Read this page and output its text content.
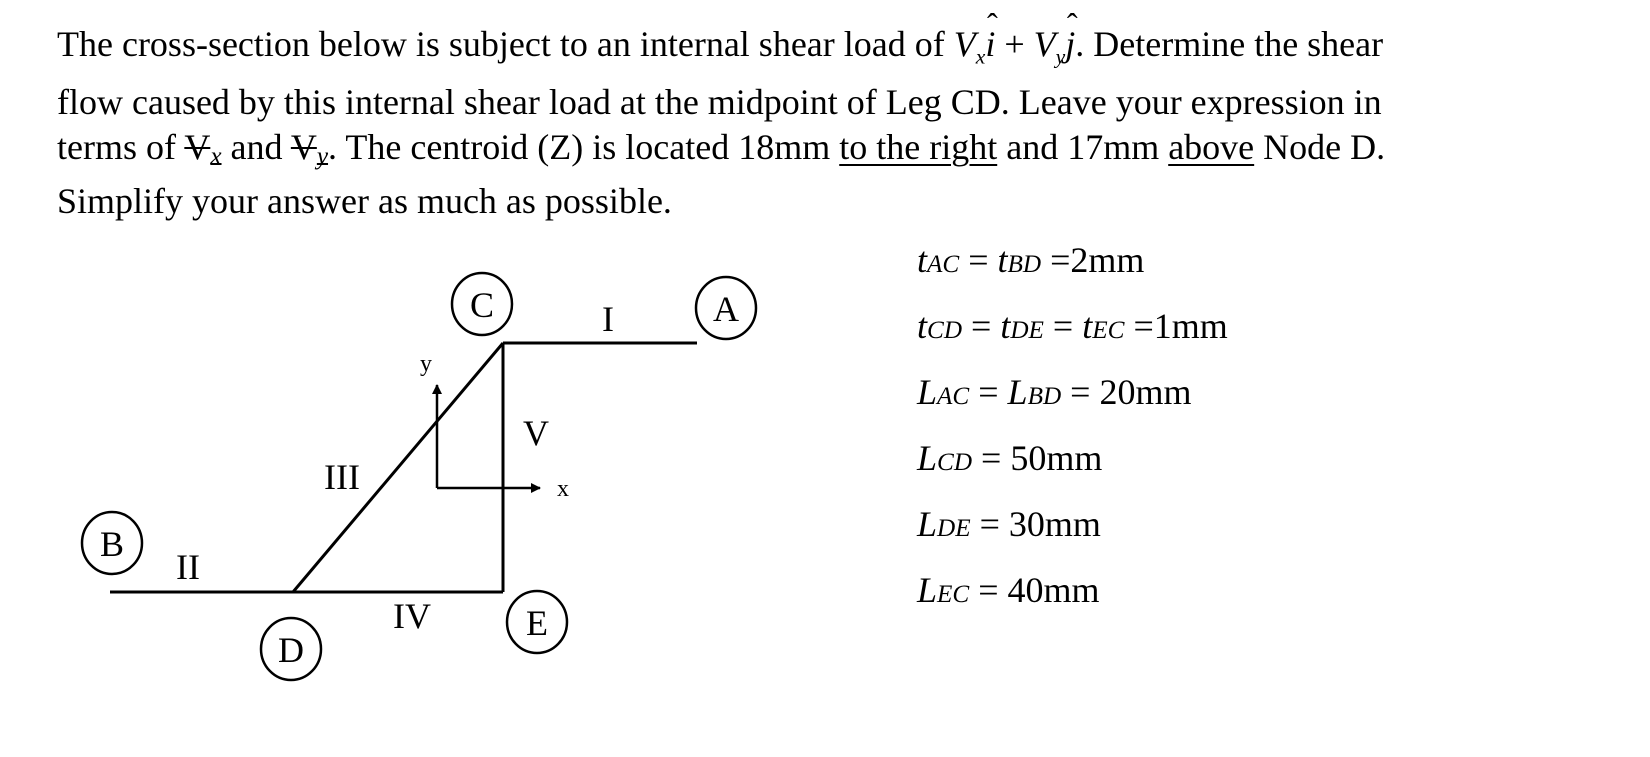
The cross-section below is subject to an internal shear load of $V_xˆ$ $i + V_yˆ$ j. Determine the shear
flow caused by this internal shear load at the midpoint of Leg CD. Leave your expression in
terms of $V_x$ and $V_y$. The centroid (Z) is located 18mm to the right and 17mm above Node D.
Simplify your answer as much as possible.
y
x
A
B
C
D
E
I
II
III
IV
V
tAC = tBD =2mm
tCD = tDE = tEC =1mm
LAC = LBD = 20mm
LCD = 50mm
LDE = 30mm
LEC = 40mm
